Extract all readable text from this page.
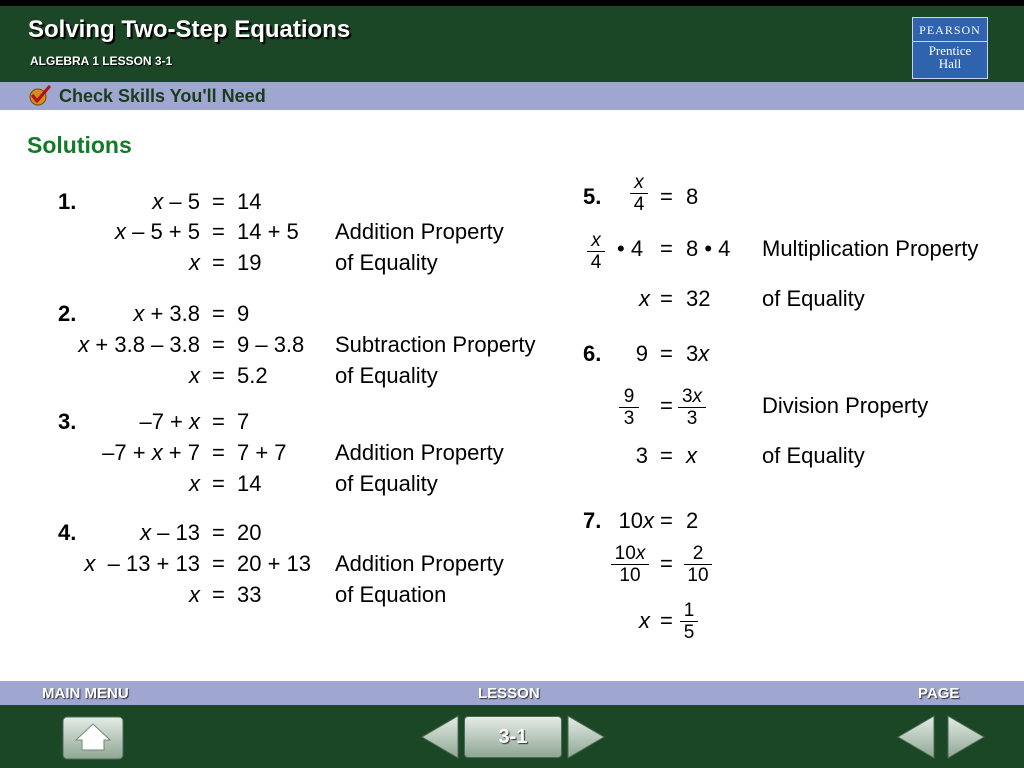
Solving Two-Step Equations
ALGEBRA 1 LESSON 3-1
PEARSON
Prentice
Hall
Check Skills You'll Need
Solutions
1.	x – 5 = 14
x – 5 + 5 = 14 + 5 Addition Property
x = 19	of Equality
2.	x + 3.8 = 9
x + 3.8 – 3.8 = 9 – 3.8 Subtraction Property
x = 5.2	of Equality
3.	–7 + x = 7
–7 + x + 7 = 7 + 7 Addition Property
x = 14	of Equality
4.	x – 13 = 20
x  – 13 + 13 = 20 + 13 Addition Property
x = 33	of Equation
5. $\frac{x}{4} = 8$
$\frac{x}{4}$ • 4 = 8 • 4 Multiplication Property
x = 32 of Equality
6. 9 = 3x
$\frac{9}{3} = \frac{3x}{3}$	Division Property
3 = x	of Equality
7. 10x = 2
$\frac{10x}{10} = \frac{2}{10}$
$x = \frac{1}{5}$
MAIN MENU	LESSON	PAGE
3-1
